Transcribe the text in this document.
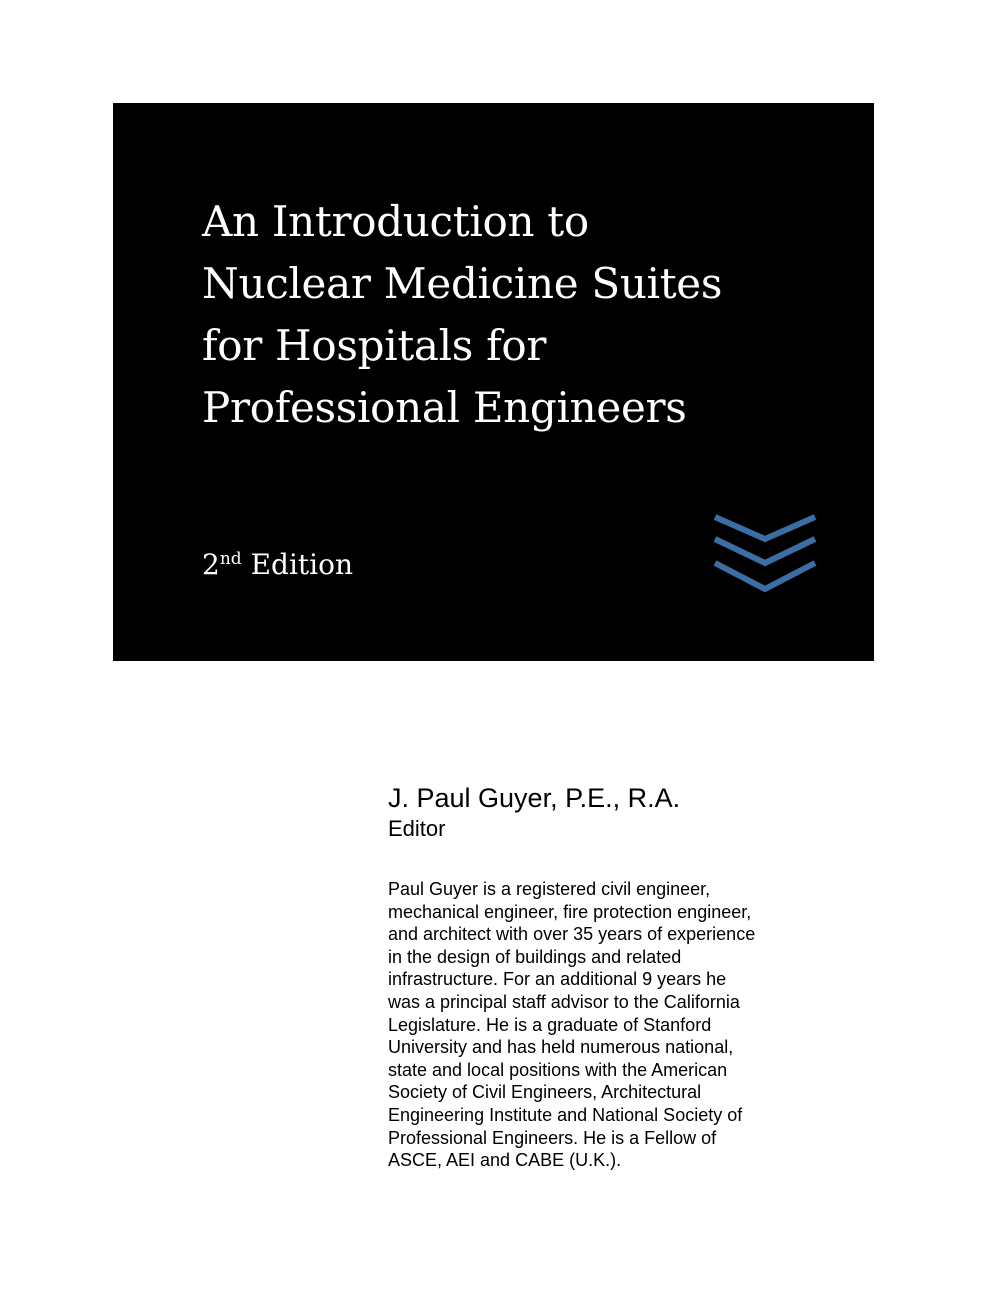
An Introduction to
Nuclear Medicine Suites
for Hospitals for
Professional Engineers
2nd Edition
J. Paul Guyer, P.E., R.A.
Editor
Paul Guyer is a registered civil engineer,
mechanical engineer, fire protection engineer,
and architect with over 35 years of experience
in the design of buildings and related
infrastructure. For an additional 9 years he
was a principal staff advisor to the California
Legislature. He is a graduate of Stanford
University and has held numerous national,
state and local positions with the American
Society of Civil Engineers, Architectural
Engineering Institute and National Society of
Professional Engineers. He is a Fellow of
ASCE, AEI and CABE (U.K.).
